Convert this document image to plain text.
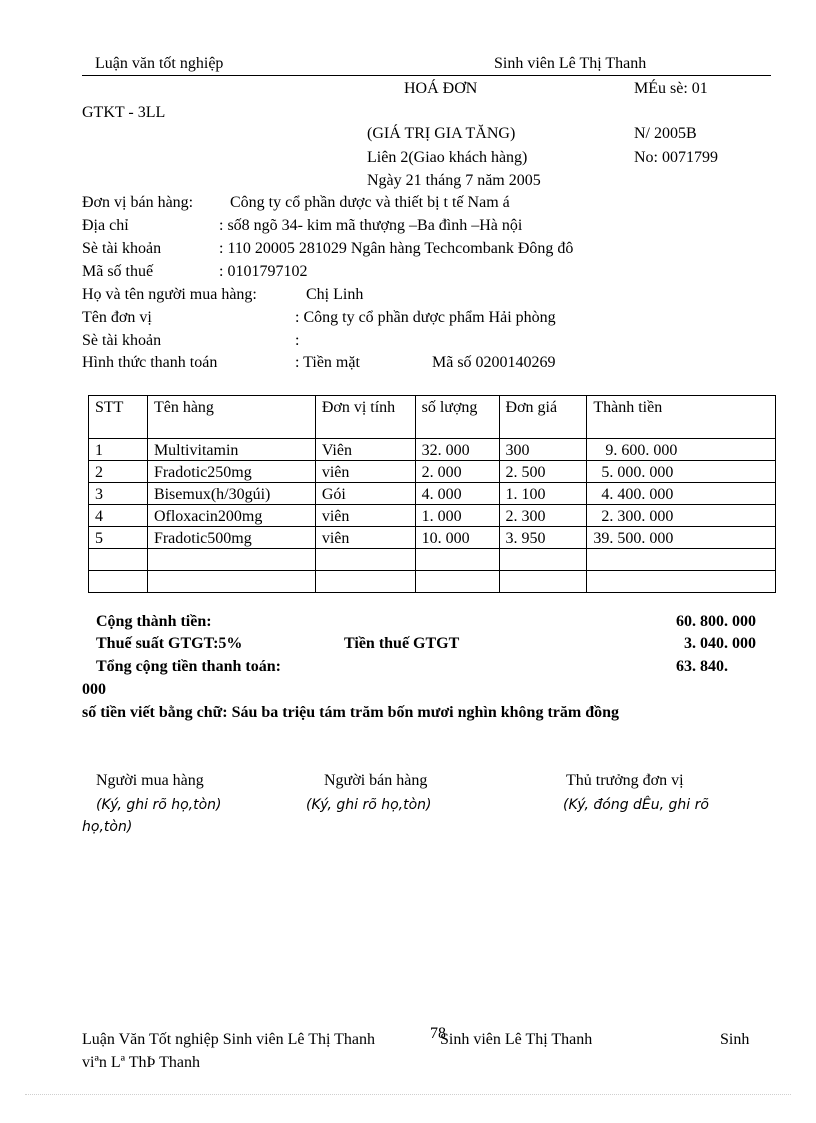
Luận văn tốt nghiệp	Sinh viên Lê Thị Thanh
HOÁ ĐƠN	MÉu sè: 01
GTKT - 3LL
(GIÁ TRỊ GIA TĂNG)	N/ 2005B
Liên 2(Giao khách hàng)	No: 0071799
Ngày 21 tháng 7 năm 2005
Đơn vị bán hàng: Công ty cổ phần dược và thiết bị t tế Nam á
Địa chỉ	: số8 ngõ 34- kim mã thượng –Ba đình –Hà nội
Sè tài khoản	: 110 20005 281029 Ngân hàng Techcombank Đông đô
Mã số thuế	: 0101797102
Họ và tên người mua hàng:	Chị Linh
Tên đơn vị	: Công ty cổ phần dược phẩm Hải phòng
Sè tài khoản	:
Hình thức thanh toán	: Tiền mặt	Mã số 0200140269
STT	Tên hàng	Đơn vị tính	số lượng	Đơn giá	Thành tiền
1	Multivitamin	Viên	32. 000	300	9. 600. 000
2	Fradotic250mg	viên	2. 000	2. 500	5. 000. 000
3	Bisemux(h/30gúi)	Gói	4. 000	1. 100	4. 400. 000
4	Ofloxacin200mg	viên	1. 000	2. 300	2. 300. 000
5	Fradotic500mg	viên	10. 000	3. 950	39. 500. 000

Cộng thành tiền:	60. 800. 000
Thuế suất GTGT:5%	Tiền thuế GTGT	3. 040. 000
Tổng cộng tiền thanh toán:	63. 840.
000
số tiền viết bằng chữ: Sáu ba triệu tám trăm bốn mươi nghìn không trăm đồng
Người mua hàng
(Ký, ghi rõ họ,tòn)
Người bán hàng
(Ký, ghi rõ họ,tòn)
Thủ trưởng đơn vị
(Ký, đóng dÊu, ghi rõ
họ,tòn)
Luận Văn Tốt nghiệp Sinh viên Lê Thị Thanh	78
Sinh viên Lê Thị Thanh	Sinh
viªn Lª ThÞ Thanh
